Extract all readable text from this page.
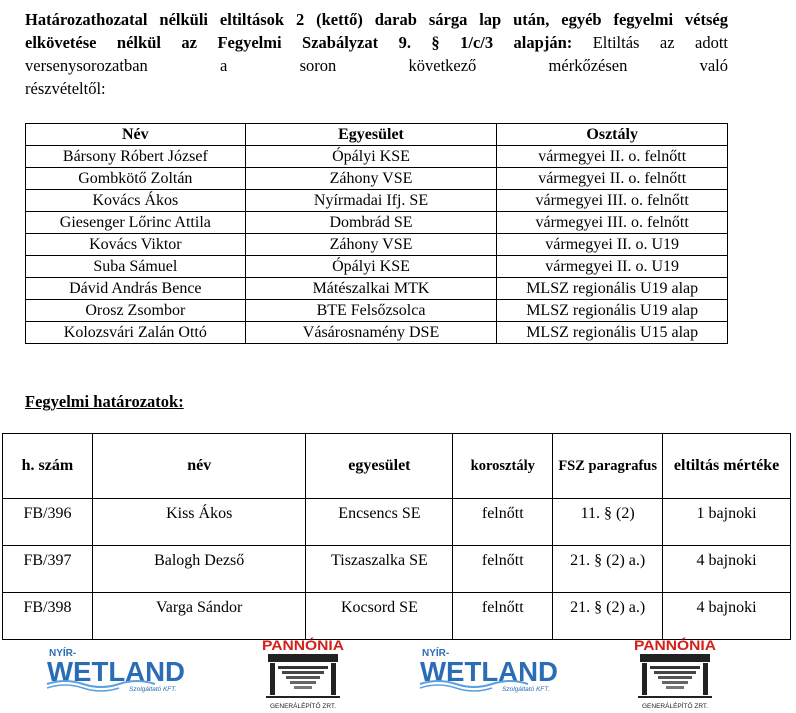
Határozathozatal nélküli eltiltások 2 (kettő) darab sárga lap után, egyéb fegyelmi vétség
elkövetése nélkül az Fegyelmi Szabályzat 9. § 1/c/3 alapján: Eltiltás az adott
versenysorozatban a soron következő mérkőzésen való
részvételtől:
Név	Egyesület	Osztály
Bársony Róbert József	Ópályi KSE	vármegyei II. o. felnőtt
Gombkötő Zoltán	Záhony VSE	vármegyei II. o. felnőtt
Kovács Ákos	Nyírmadai Ifj. SE	vármegyei III. o. felnőtt
Giesenger Lőrinc Attila	Dombrád SE	vármegyei III. o. felnőtt
Kovács Viktor	Záhony VSE	vármegyei II. o. U19
Suba Sámuel	Ópályi KSE	vármegyei II. o. U19
Dávid András Bence	Mátészalkai MTK	MLSZ regionális U19 alap
Orosz Zsombor	BTE Felsőzsolca	MLSZ regionális U19 alap
Kolozsvári Zalán Ottó	Vásárosnamény DSE	MLSZ regionális U15 alap
Fegyelmi határozatok:
h. szám	név	egyesület	korosztály	FSZ paragrafus	eltiltás mértéke
FB/396	Kiss Ákos	Encsencs SE	felnőtt	11. § (2)	1 bajnoki
FB/397	Balogh Dezső	Tiszaszalka SE	felnőtt	21. § (2) a.)	4 bajnoki
FB/398	Varga Sándor	Kocsord SE	felnőtt	21. § (2) a.)	4 bajnoki
NYÍR-
WETLAND
Szolgáltató KFT.
PANNÓNIA
GENERÁLÉPÍTŐ ZRT.
NYÍR-
WETLAND
Szolgáltató KFT.
PANNÓNIA
GENERÁLÉPÍTŐ ZRT.
